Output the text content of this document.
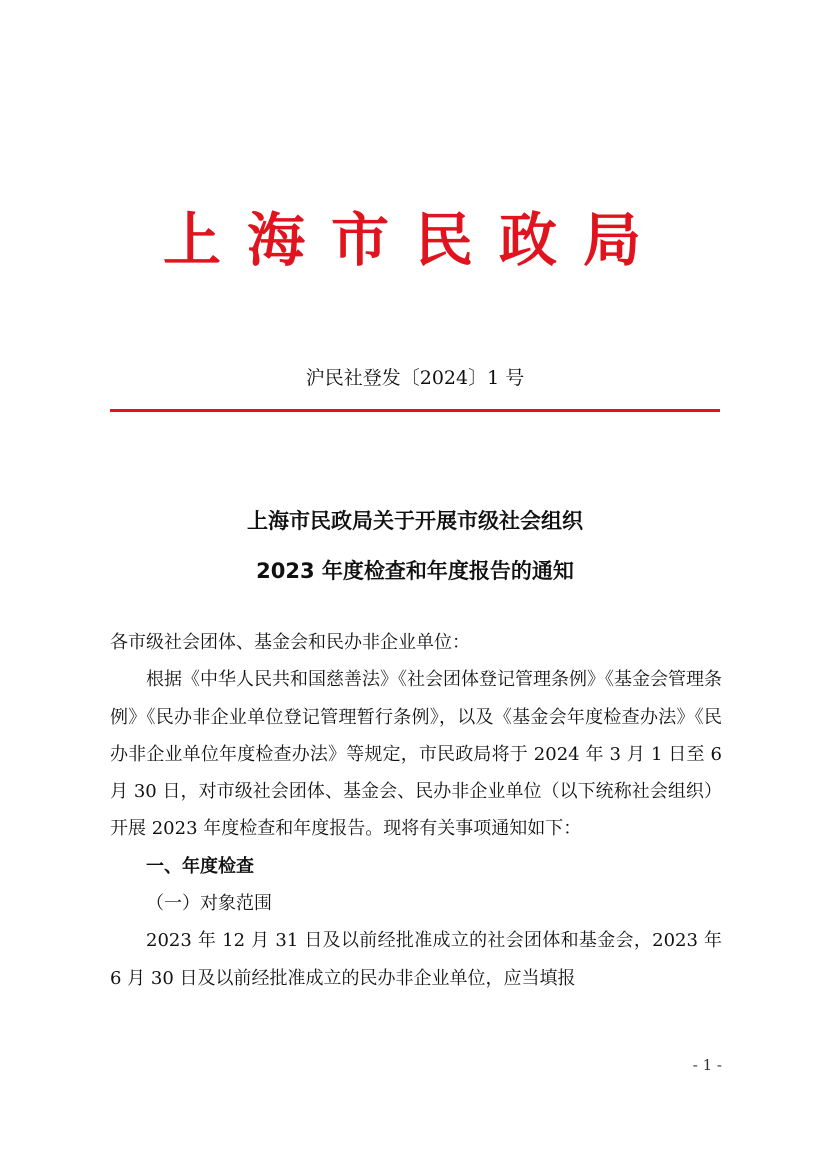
上海市民政局
沪民社登发〔2024〕1 号
上海市民政局关于开展市级社会组织
2023 年度检查和年度报告的通知

各市级社会团体、基金会和民办非企业单位：

根据《中华人民共和国慈善法》《社会团体登记管理条例》《基金会管理条例》《民办非企业单位登记管理暂行条例》，以及《基金会年度检查办法》《民办非企业单位年度检查办法》等规定，市民政局将于 2024 年 3 月 1 日至 6 月 30 日，对市级社会团体、基金会、民办非企业单位（以下统称社会组织）开展 2023 年度检查和年度报告。现将有关事项通知如下：

一、年度检查

（一）对象范围

2023 年 12 月 31 日及以前经批准成立的社会团体和基金会，2023 年 6 月 30 日及以前经批准成立的民办非企业单位，应当填报

- 1 -
